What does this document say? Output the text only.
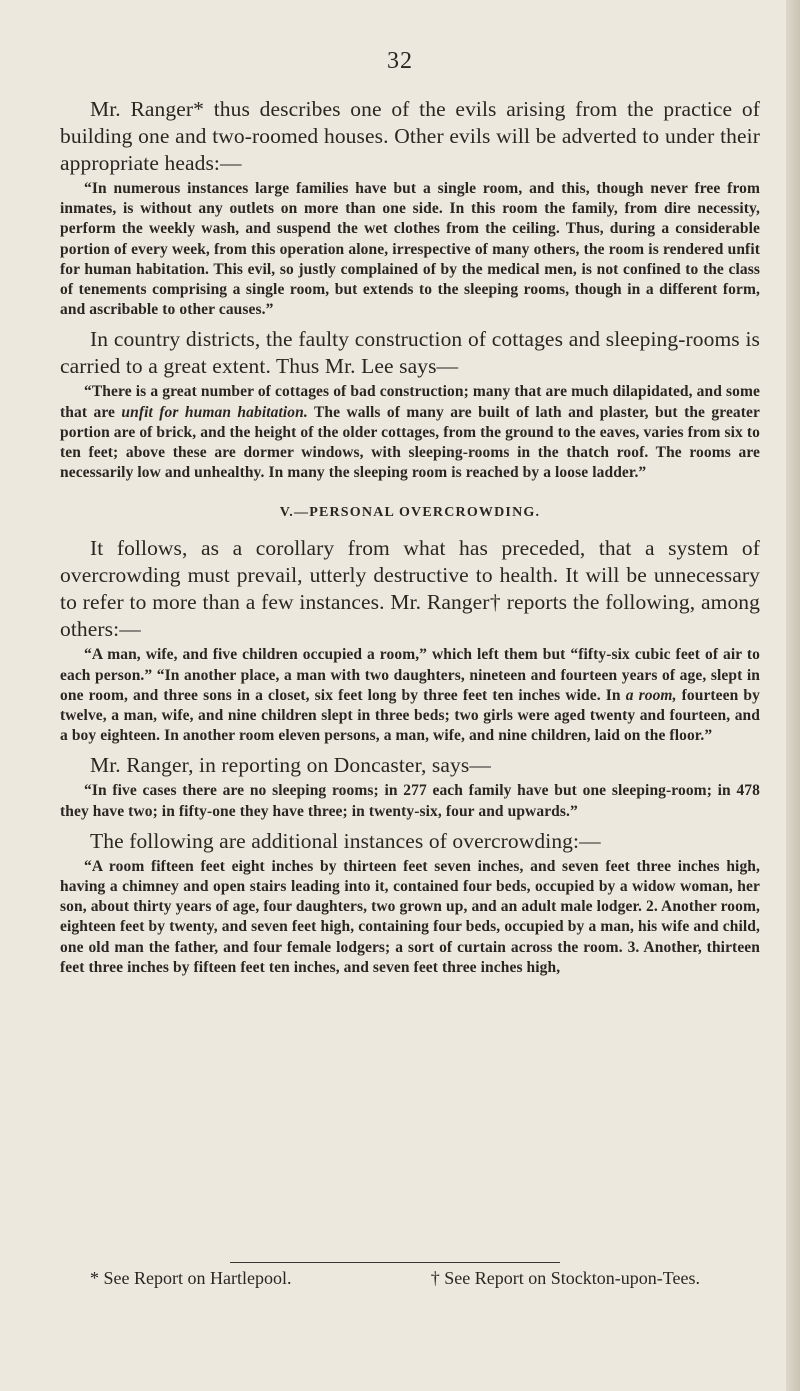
32

Mr. Ranger* thus describes one of the evils arising from the practice of building one and two-roomed houses. Other evils will be adverted to under their appropriate heads:—

“In numerous instances large families have but a single room, and this, though never free from inmates, is without any outlets on more than one side. In this room the family, from dire necessity, perform the weekly wash, and suspend the wet clothes from the ceiling. Thus, during a considerable portion of every week, from this operation alone, irrespective of many others, the room is rendered unfit for human habitation. This evil, so justly complained of by the medical men, is not confined to the class of tenements comprising a single room, but extends to the sleeping rooms, though in a different form, and ascribable to other causes.”

In country districts, the faulty construction of cottages and sleeping-rooms is carried to a great extent. Thus Mr. Lee says—

“There is a great number of cottages of bad construction; many that are much dilapidated, and some that are unfit for human habitation. The walls of many are built of lath and plaster, but the greater portion are of brick, and the height of the older cottages, from the ground to the eaves, varies from six to ten feet; above these are dormer windows, with sleeping-rooms in the thatch roof. The rooms are necessarily low and unhealthy. In many the sleeping room is reached by a loose ladder.”

V.—PERSONAL OVERCROWDING.

It follows, as a corollary from what has preceded, that a system of overcrowding must prevail, utterly destructive to health. It will be unnecessary to refer to more than a few instances. Mr. Ranger† reports the following, among others:—

“A man, wife, and five children occupied a room,” which left them but “fifty-six cubic feet of air to each person.” “In another place, a man with two daughters, nineteen and fourteen years of age, slept in one room, and three sons in a closet, six feet long by three feet ten inches wide. In a room, fourteen by twelve, a man, wife, and nine children slept in three beds; two girls were aged twenty and fourteen, and a boy eighteen. In another room eleven persons, a man, wife, and nine children, laid on the floor.”

Mr. Ranger, in reporting on Doncaster, says—

“In five cases there are no sleeping rooms; in 277 each family have but one sleeping-room; in 478 they have two; in fifty-one they have three; in twenty-six, four and upwards.”

The following are additional instances of overcrowding:—

“A room fifteen feet eight inches by thirteen feet seven inches, and seven feet three inches high, having a chimney and open stairs leading into it, contained four beds, occupied by a widow woman, her son, about thirty years of age, four daughters, two grown up, and an adult male lodger. 2. Another room, eighteen feet by twenty, and seven feet high, containing four beds, occupied by a man, his wife and child, one old man the father, and four female lodgers; a sort of curtain across the room. 3. Another, thirteen feet three inches by fifteen feet ten inches, and seven feet three inches high,

* See Report on Hartlepool.	† See Report on Stockton-upon-Tees.
